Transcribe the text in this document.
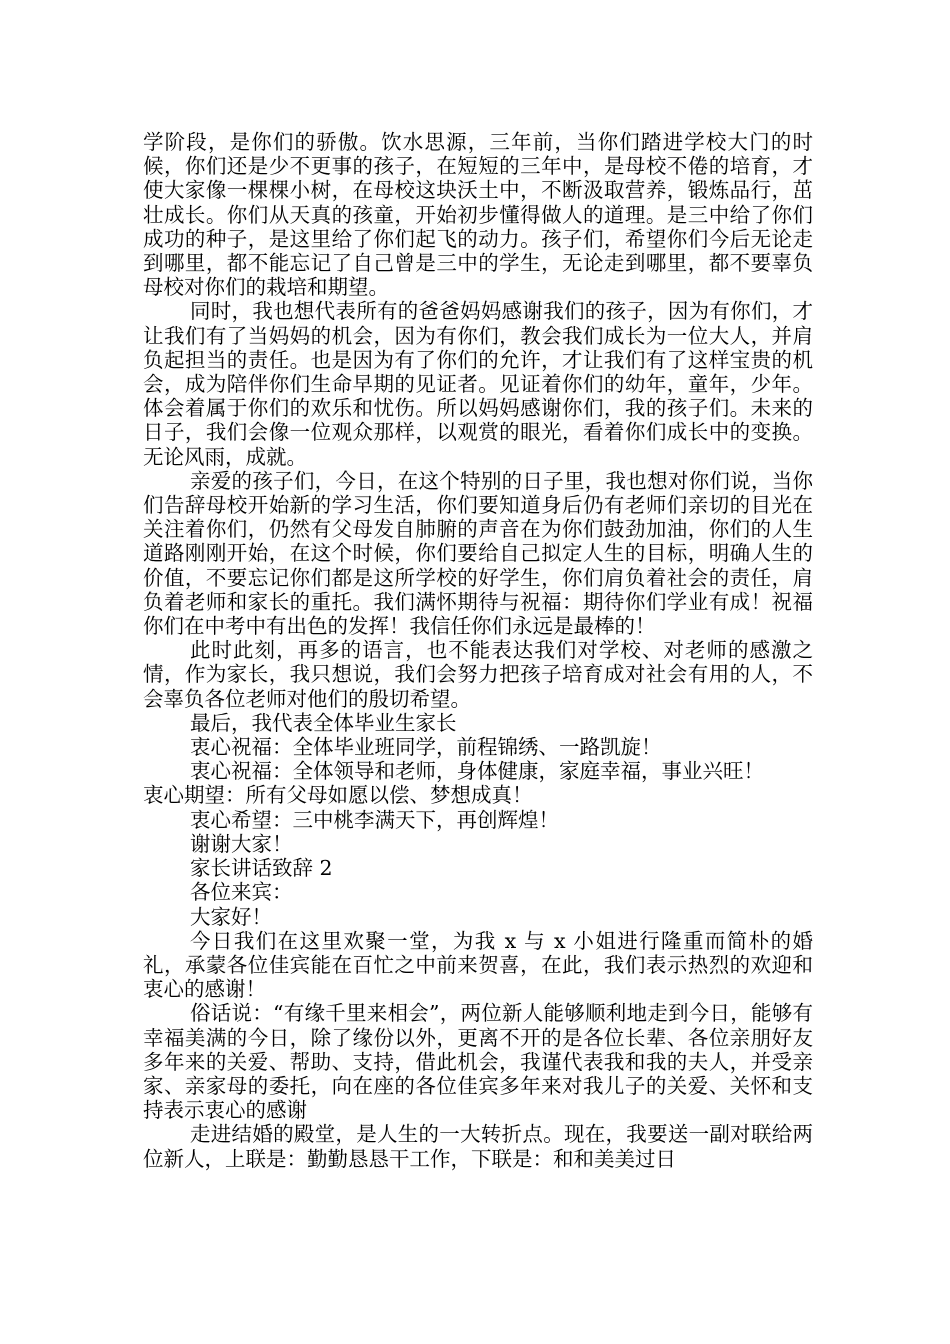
学阶段，是你们的骄傲。饮水思源，三年前，当你们踏进学校大门的时候，你们还是少不更事的孩子，在短短的三年中，是母校不倦的培育，才使大家像一棵棵小树，在母校这块沃土中，不断汲取营养，锻炼品行，茁壮成长。你们从天真的孩童，开始初步懂得做人的道理。是三中给了你们成功的种子，是这里给了你们起飞的动力。孩子们，希望你们今后无论走到哪里，都不能忘记了自己曾是三中的学生，无论走到哪里，都不要辜负母校对你们的栽培和期望。

同时，我也想代表所有的爸爸妈妈感谢我们的孩子，因为有你们，才让我们有了当妈妈的机会，因为有你们，教会我们成长为一位大人，并肩负起担当的责任。也是因为有了你们的允许，才让我们有了这样宝贵的机会，成为陪伴你们生命早期的见证者。见证着你们的幼年，童年，少年。体会着属于你们的欢乐和忧伤。所以妈妈感谢你们，我的孩子们。未来的日子，我们会像一位观众那样，以观赏的眼光，看着你们成长中的变换。无论风雨，成就。

亲爱的孩子们，今日，在这个特别的日子里，我也想对你们说，当你们告辞母校开始新的学习生活，你们要知道身后仍有老师们亲切的目光在关注着你们，仍然有父母发自肺腑的声音在为你们鼓劲加油，你们的人生道路刚刚开始，在这个时候，你们要给自己拟定人生的目标，明确人生的价值，不要忘记你们都是这所学校的好学生，你们肩负着社会的责任，肩负着老师和家长的重托。我们满怀期待与祝福：期待你们学业有成！祝福你们在中考中有出色的发挥！我信任你们永远是最棒的！

此时此刻，再多的语言，也不能表达我们对学校、对老师的感激之情，作为家长，我只想说，我们会努力把孩子培育成对社会有用的人，不会辜负各位老师对他们的殷切希望。

最后，我代表全体毕业生家长

衷心祝福：全体毕业班同学，前程锦绣、一路凯旋！

衷心祝福：全体领导和老师，身体健康，家庭幸福，事业兴旺！

衷心期望：所有父母如愿以偿、梦想成真！

衷心希望：三中桃李满天下，再创辉煌！

谢谢大家！

家长讲话致辞 2

各位来宾：

大家好！

今日我们在这里欢聚一堂，为我 x 与 x 小姐进行隆重而简朴的婚礼，承蒙各位佳宾能在百忙之中前来贺喜，在此，我们表示热烈的欢迎和衷心的感谢！

俗话说：“有缘千里来相会”，两位新人能够顺利地走到今日，能够有幸福美满的今日，除了缘份以外，更离不开的是各位长辈、各位亲朋好友多年来的关爱、帮助、支持，借此机会，我谨代表我和我的夫人，并受亲家、亲家母的委托，向在座的各位佳宾多年来对我儿子的关爱、关怀和支持表示衷心的感谢

走进结婚的殿堂，是人生的一大转折点。现在，我要送一副对联给两位新人，上联是：勤勤恳恳干工作，下联是：和和美美过日
